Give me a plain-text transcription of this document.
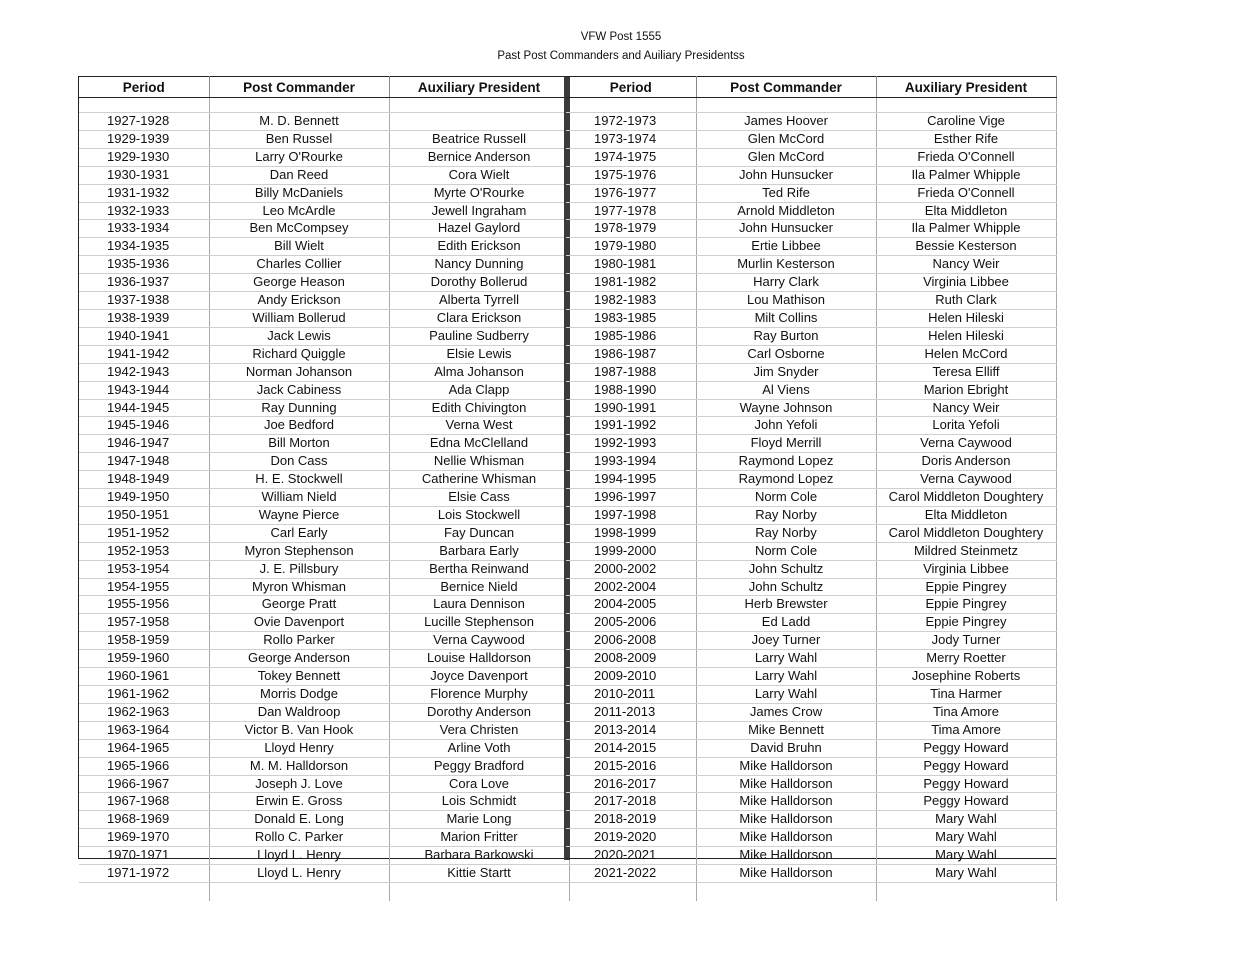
VFW Post 1555
Past Post Commanders and Auiliary Presidentss
Period	Post Commander	Auxiliary President

1927-1928	M. D. Bennett	
1929-1939	Ben Russel	Beatrice Russell
1929-1930	Larry O'Rourke	Bernice Anderson
1930-1931	Dan Reed	Cora Wielt
1931-1932	Billy McDaniels	Myrte O'Rourke
1932-1933	Leo McArdle	Jewell Ingraham
1933-1934	Ben McCompsey	Hazel Gaylord
1934-1935	Bill Wielt	Edith Erickson
1935-1936	Charles Collier	Nancy Dunning
1936-1937	George Heason	Dorothy Bollerud
1937-1938	Andy Erickson	Alberta Tyrrell
1938-1939	William Bollerud	Clara Erickson
1940-1941	Jack Lewis	Pauline Sudberry
1941-1942	Richard Quiggle	Elsie Lewis
1942-1943	Norman Johanson	Alma Johanson
1943-1944	Jack Cabiness	Ada Clapp
1944-1945	Ray Dunning	Edith Chivington
1945-1946	Joe Bedford	Verna West
1946-1947	Bill Morton	Edna McClelland
1947-1948	Don Cass	Nellie Whisman
1948-1949	H. E. Stockwell	Catherine Whisman
1949-1950	William Nield	Elsie Cass
1950-1951	Wayne Pierce	Lois Stockwell
1951-1952	Carl Early	Fay Duncan
1952-1953	Myron Stephenson	Barbara Early
1953-1954	J. E. Pillsbury	Bertha Reinwand
1954-1955	Myron Whisman	Bernice Nield
1955-1956	George Pratt	Laura Dennison
1957-1958	Ovie Davenport	Lucille Stephenson
1958-1959	Rollo Parker	Verna Caywood
1959-1960	George Anderson	Louise Halldorson
1960-1961	Tokey Bennett	Joyce Davenport
1961-1962	Morris Dodge	Florence Murphy
1962-1963	Dan Waldroop	Dorothy Anderson
1963-1964	Victor B. Van Hook	Vera Christen
1964-1965	Lloyd Henry	Arline Voth
1965-1966	M. M. Halldorson	Peggy Bradford
1966-1967	Joseph J. Love	Cora Love
1967-1968	Erwin E. Gross	Lois Schmidt
1968-1969	Donald E. Long	Marie Long
1969-1970	Rollo C. Parker	Marion Fritter
1970-1971	Lloyd L. Henry	Barbara Barkowski
1971-1972	Lloyd L. Henry	Kittie Startt

Period	Post Commander	Auxiliary President

1972-1973	James Hoover	Caroline Vige
1973-1974	Glen McCord	Esther Rife
1974-1975	Glen McCord	Frieda O'Connell
1975-1976	John Hunsucker	Ila Palmer Whipple
1976-1977	Ted Rife	Frieda O'Connell
1977-1978	Arnold Middleton	Elta Middleton
1978-1979	John Hunsucker	Ila Palmer Whipple
1979-1980	Ertie Libbee	Bessie Kesterson
1980-1981	Murlin Kesterson	Nancy Weir
1981-1982	Harry Clark	Virginia Libbee
1982-1983	Lou Mathison	Ruth Clark
1983-1985	Milt Collins	Helen Hileski
1985-1986	Ray Burton	Helen Hileski
1986-1987	Carl Osborne	Helen McCord
1987-1988	Jim Snyder	Teresa Elliff
1988-1990	Al Viens	Marion Ebright
1990-1991	Wayne Johnson	Nancy Weir
1991-1992	John Yefoli	Lorita Yefoli
1992-1993	Floyd Merrill	Verna Caywood
1993-1994	Raymond Lopez	Doris Anderson
1994-1995	Raymond Lopez	Verna Caywood
1996-1997	Norm Cole	Carol Middleton Doughtery
1997-1998	Ray Norby	Elta Middleton
1998-1999	Ray Norby	Carol Middleton Doughtery
1999-2000	Norm Cole	Mildred Steinmetz
2000-2002	John Schultz	Virginia Libbee
2002-2004	John Schultz	Eppie Pingrey
2004-2005	Herb Brewster	Eppie Pingrey
2005-2006	Ed Ladd	Eppie Pingrey
2006-2008	Joey Turner	Jody Turner
2008-2009	Larry Wahl	Merry Roetter
2009-2010	Larry Wahl	Josephine Roberts
2010-2011	Larry Wahl	Tina Harmer
2011-2013	James Crow	Tina Amore
2013-2014	Mike Bennett	Tima Amore
2014-2015	David Bruhn	Peggy Howard
2015-2016	Mike Halldorson	Peggy Howard
2016-2017	Mike Halldorson	Peggy Howard
2017-2018	Mike Halldorson	Peggy Howard
2018-2019	Mike Halldorson	Mary Wahl
2019-2020	Mike Halldorson	Mary Wahl
2020-2021	Mike Halldorson	Mary Wahl
2021-2022	Mike Halldorson	Mary Wahl
